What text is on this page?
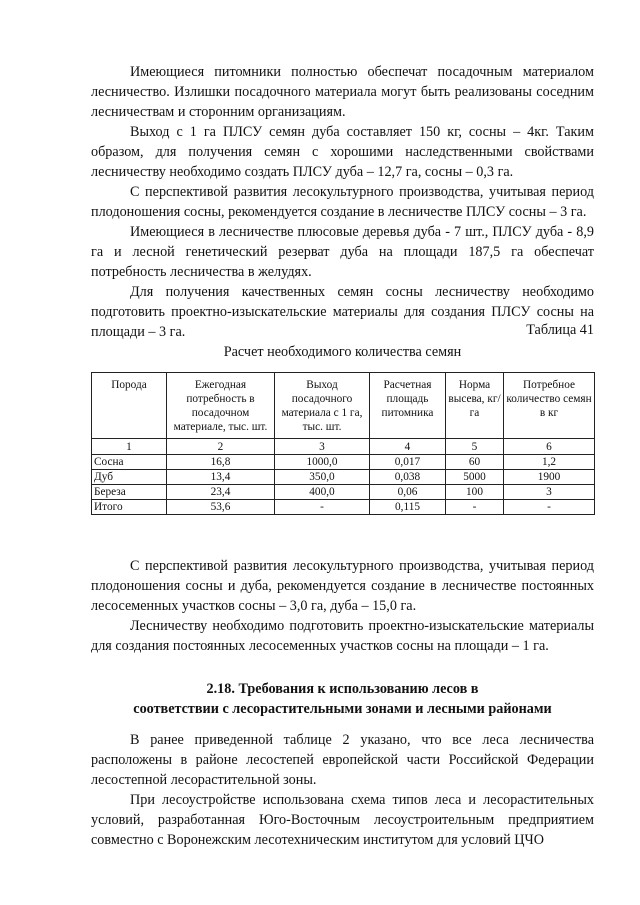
Имеющиеся питомники полностью обеспечат посадочным материалом лесничество. Излишки посадочного материала могут быть реализованы соседним лесничествам и сторонним организациям.

Выход с 1 га ПЛСУ семян дуба составляет 150 кг, сосны – 4кг. Таким образом, для получения семян с хорошими наследственными свойствами лесничеству необходимо создать ПЛСУ дуба – 12,7 га, сосны – 0,3 га.

С перспективой развития лесокультурного производства, учитывая период плодоношения сосны, рекомендуется создание в лесничестве ПЛСУ сосны – 3 га.

Имеющиеся в лесничестве плюсовые деревья дуба - 7 шт., ПЛСУ дуба - 8,9 га и лесной генетический резерват дуба на площади 187,5 га обеспечат потребность лесничества в желудях.

Для получения качественных семян сосны лесничеству необходимо подготовить проектно-изыскательские материалы для создания ПЛСУ сосны на площади – 3 га.	Таблица 41
Расчет необходимого количества семян
Порода	Ежегодная потребность в посадочном материале, тыс. шт.	Выход посадочного материала с 1 га, тыс. шт.	Расчетная площадь питомника	Норма высева, кг/га	Потребное количество семян в кг
1	2	3	4	5	6
Сосна	16,8	1000,0	0,017	60	1,2
Дуб	13,4	350,0	0,038	5000	1900
Береза	23,4	400,0	0,06	100	3
Итого	53,6	-	0,115	-	-

С перспективой развития лесокультурного производства, учитывая период плодоношения сосны и дуба, рекомендуется создание в лесничестве постоянных лесосеменных участков сосны – 3,0 га, дуба – 15,0 га.

Лесничеству необходимо подготовить проектно-изыскательские материалы для создания постоянных лесосеменных участков сосны на площади – 1 га.

2.18. Требования к использованию лесов в
соответствии с лесорастительными зонами и лесными районами

В ранее приведенной таблице 2 указано, что все леса лесничества расположены в районе лесостепей европейской части Российской Федерации лесостепной лесорастительной зоны.

При лесоустройстве использована схема типов леса и лесорастительных условий, разработанная Юго-Восточным лесоустроительным предприятием совместно с Воронежским лесотехническим институтом для условий ЦЧО
